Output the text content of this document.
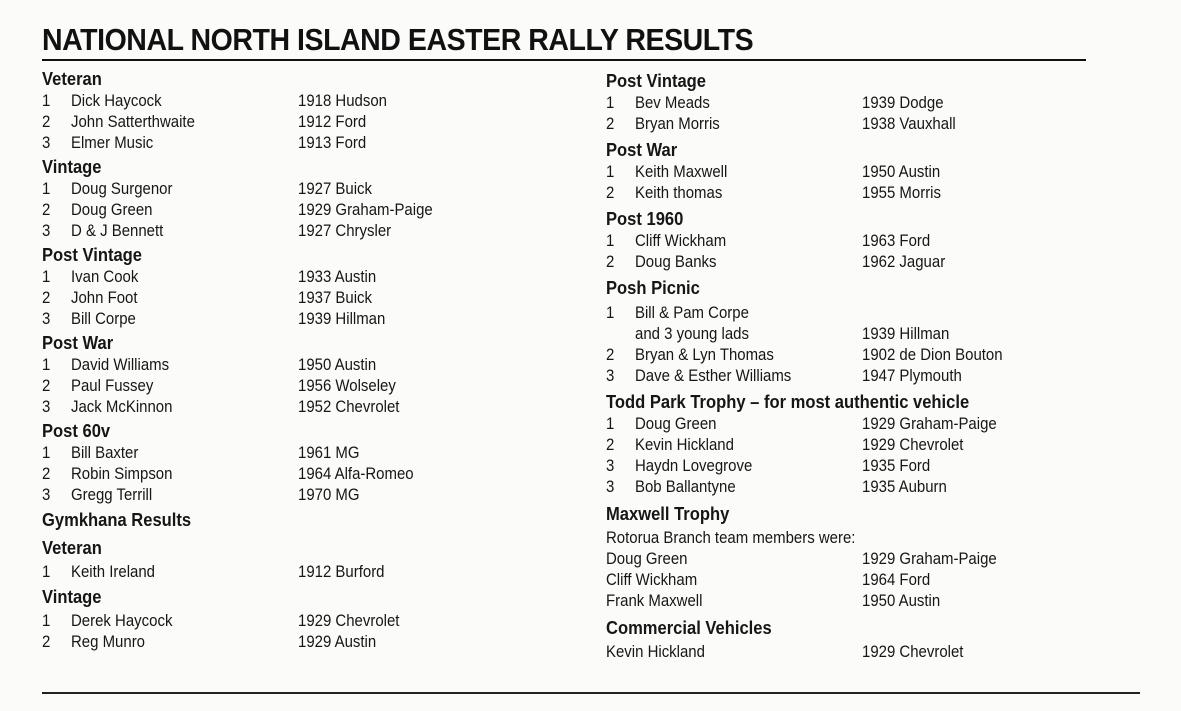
NATIONAL NORTH ISLAND EASTER RALLY RESULTS
Veteran
1	Dick Haycock	1918 Hudson
2	John Satterthwaite	1912 Ford
3	Elmer Music	1913 Ford
Vintage
1	Doug Surgenor	1927 Buick
2	Doug Green	1929 Graham-Paige
3	D & J Bennett	1927 Chrysler
Post Vintage
1	Ivan Cook	1933 Austin
2	John Foot	1937 Buick
3	Bill Corpe	1939 Hillman
Post War
1	David Williams	1950 Austin
2	Paul Fussey	1956 Wolseley
3	Jack McKinnon	1952 Chevrolet
Post 60v
1	Bill Baxter	1961 MG
2	Robin Simpson	1964 Alfa-Romeo
3	Gregg Terrill	1970 MG
Gymkhana Results
Veteran
1	Keith Ireland	1912 Burford
Vintage
1	Derek Haycock	1929 Chevrolet
2	Reg Munro	1929 Austin
Post Vintage
1	Bev Meads	1939 Dodge
2	Bryan Morris	1938 Vauxhall
Post War
1	Keith Maxwell	1950 Austin
2	Keith thomas	1955 Morris
Post 1960
1	Cliff Wickham	1963 Ford
2	Doug Banks	1962 Jaguar
Posh Picnic
1	Bill & Pam Corpe
and 3 young lads	1939 Hillman
2	Bryan & Lyn Thomas	1902 de Dion Bouton
3	Dave & Esther Williams	1947 Plymouth
Todd Park Trophy – for most authentic vehicle
1	Doug Green	1929 Graham-Paige
2	Kevin Hickland	1929 Chevrolet
3	Haydn Lovegrove	1935 Ford
3	Bob Ballantyne	1935 Auburn
Maxwell Trophy
Rotorua Branch team members were:
Doug Green	1929 Graham-Paige
Cliff Wickham	1964 Ford
Frank Maxwell	1950 Austin
Commercial Vehicles
Kevin Hickland	1929 Chevrolet
